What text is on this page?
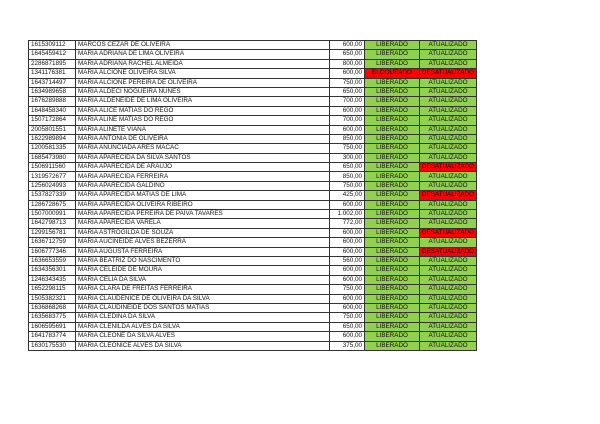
1615309112	MARCOS CEZAR DE OLIVEIRA	600,00	LIBERADO	ATUALIZADO
1645459412	MARIA ADRIANA DE LIMA OLIVEIRA	650,00	LIBERADO	ATUALIZADO
2286871895	MARIA ADRIANA RACHEL ALMEIDA	800,00	LIBERADO	ATUALIZADO
1341176381	MARIA ALCIONE OLIVEIRA SILVA	600,00	BLOQUEADO	DESATUALIZADO
1643714497	MARIA ALCIONE PEREIRA DE OLIVEIRA	750,00	LIBERADO	ATUALIZADO
1634989658	MARIA ALDECI NOGUEIRA NUNES	650,00	LIBERADO	ATUALIZADO
1676289888	MARIA ALDENEIDE DE LIMA OLIVEIRA	700,00	LIBERADO	ATUALIZADO
1648458340	MARIA ALICE MATIAS DO REGO	600,00	LIBERADO	ATUALIZADO
1507172864	MARIA ALINE MATIAS DO REGO	700,00	LIBERADO	ATUALIZADO
2005801551	MARIA ALINETE VIANA	600,00	LIBERADO	ATUALIZADO
1622989894	MARIA ANTONIA DE OLIVEIRA	850,00	LIBERADO	ATUALIZADO
1200581335	MARIA ANUNCIADA ARES MACAC	750,00	LIBERADO	ATUALIZADO
1685473980	MARIA APARECIDA DA SILVA SANTOS	300,00	LIBERADO	ATUALIZADO
1506911560	MARIA APARECIDA DE ARAUJO	650,00	LIBERADO	DESATUALIZADO
1319572677	MARIA APARECIDA FERREIRA	850,00	LIBERADO	ATUALIZADO
1256024993	MARIA APARECIDA GALDINO	750,00	LIBERADO	ATUALIZADO
1537827339	MARIA APARECIDA MATIAS DE LIMA	425,00	LIBERADO	DESATUALIZADO
1286728675	MARIA APARECIDA OLIVEIRA RIBEIRO	600,00	LIBERADO	ATUALIZADO
1507000991	MARIA APARECIDA PEREIRA DE PAIVA TAVARES	1.002,00	LIBERADO	ATUALIZADO
1642798713	MARIA APARECIDA VARELA	772,00	LIBERADO	ATUALIZADO
1299156781	MARIA ASTROGILDA DE SOUZA	600,00	LIBERADO	DESATUALIZADO
1636712759	MARIA AUCINEIDE ALVES BEZERRA	600,00	LIBERADO	ATUALIZADO
1606777346	MARIA AUGUSTA FERREIRA	600,00	LIBERADO	DESATUALIZADO
1636653559	MARIA BEATRIZ DO NASCIMENTO	560,00	LIBERADO	ATUALIZADO
1634356301	MARIA CELEIDE DE MOURA	600,00	LIBERADO	ATUALIZADO
1246343435	MARIA CELIA DA SILVA	600,00	LIBERADO	ATUALIZADO
1652298115	MARIA CLARA DE FREITAS FERREIRA	750,00	LIBERADO	ATUALIZADO
1505382321	MARIA CLAUDENICE DE OLIVEIRA DA SILVA	600,00	LIBERADO	ATUALIZADO
1636868268	MARIA CLAUDINEIDE DOS SANTOS MATIAS	600,00	LIBERADO	ATUALIZADO
1635683775	MARIA CLEDINA DA SILVA	750,00	LIBERADO	ATUALIZADO
1606595691	MARIA CLENILDA ALVES DA SILVA	650,00	LIBERADO	ATUALIZADO
1641783774	MARIA CLEONE DA SILVA ALVES	600,00	LIBERADO	ATUALIZADO
1630175530	MARIA CLEONICE ALVES DA SILVA	375,00	LIBERADO	ATUALIZADO
